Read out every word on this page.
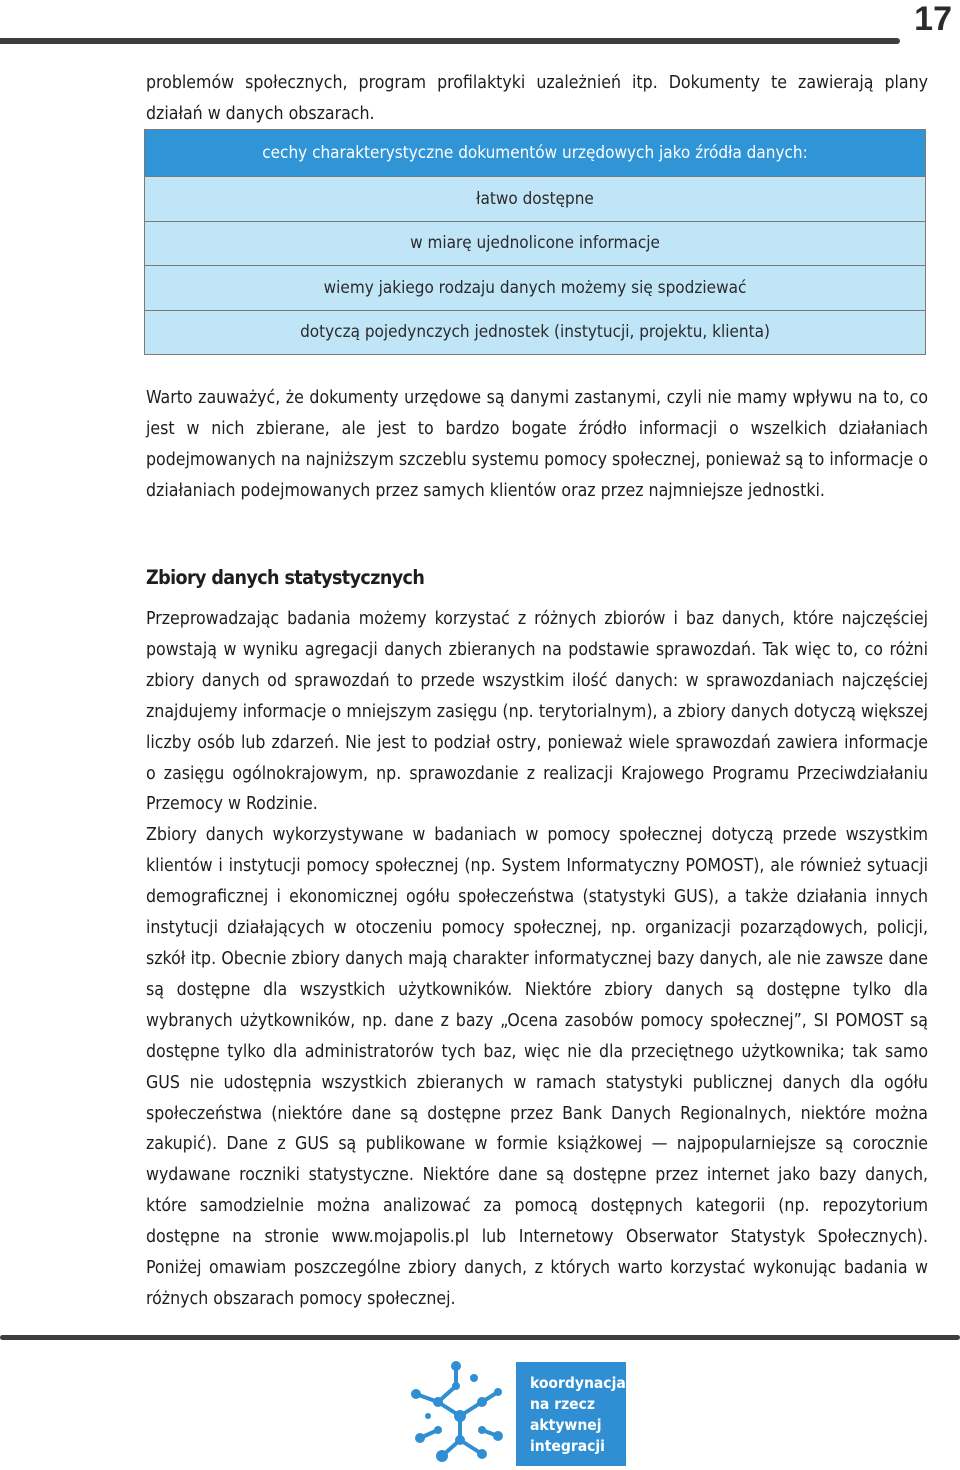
17

problemów społecznych, program profilaktyki uzależnień itp. Dokumenty te zawierają plany działań w danych obszarach.

cechy charakterystyczne dokumentów urzędowych jako źródła danych:
łatwo dostępne
w miarę ujednolicone informacje
wiemy jakiego rodzaju danych możemy się spodziewać
dotyczą pojedynczych jednostek (instytucji, projektu, klienta)

Warto zauważyć, że dokumenty urzędowe są danymi zastanymi, czyli nie mamy wpływu na to, co jest w nich zbierane, ale jest to bardzo bogate źródło informacji o wszelkich działaniach podejmowanych na najniższym szczeblu systemu pomocy społecznej, ponieważ są to informacje o działaniach podejmowanych przez samych klientów oraz przez najmniejsze jednostki.

Zbiory danych statystycznych

Przeprowadzając badania możemy korzystać z różnych zbiorów i baz danych, które najczęściej powstają w wyniku agregacji danych zbieranych na podstawie sprawozdań. Tak więc to, co różni zbiory danych od sprawozdań to przede wszystkim ilość danych: w sprawozdaniach najczęściej znajdujemy informacje o mniejszym zasięgu (np. terytorialnym), a zbiory danych dotyczą większej liczby osób lub zdarzeń. Nie jest to podział ostry, ponieważ wiele sprawozdań zawiera informacje o zasięgu ogólnokrajowym, np. sprawozdanie z realizacji Krajowego Programu Przeciwdziałaniu Przemocy w Rodzinie.

Zbiory danych wykorzystywane w badaniach w pomocy społecznej dotyczą przede wszystkim klientów i instytucji pomocy społecznej (np. System Informatyczny POMOST), ale również sytuacji demograficznej i ekonomicznej ogółu społeczeństwa (statystyki GUS), a także działania innych instytucji działających w otoczeniu pomocy społecznej, np. organizacji pozarządowych, policji, szkół itp. Obecnie zbiory danych mają charakter informatycznej bazy danych, ale nie zawsze dane są dostępne dla wszystkich użytkowników. Niektóre zbiory danych są dostępne tylko dla wybranych użytkowników, np. dane z bazy „Ocena zasobów pomocy społecznej”, SI POMOST są dostępne tylko dla administratorów tych baz, więc nie dla przeciętnego użytkownika; tak samo GUS nie udostępnia wszystkich zbieranych w ramach statystyki publicznej danych dla ogółu społeczeństwa (niektóre dane są dostępne przez Bank Danych Regionalnych, niektóre można zakupić). Dane z GUS są publikowane w formie książkowej — najpopularniejsze są corocznie wydawane roczniki statystyczne. Niektóre dane są dostępne przez internet jako bazy danych, które samodzielnie można analizować za pomocą dostępnych kategorii (np. repozytorium dostępne na stronie www.mojapolis.pl lub Internetowy Obserwator Statystyk Społecznych). Poniżej omawiam poszczególne zbiory danych, z których warto korzystać wykonując badania w różnych obszarach pomocy społecznej.

koordynacja
na rzecz
aktywnej
integracji
